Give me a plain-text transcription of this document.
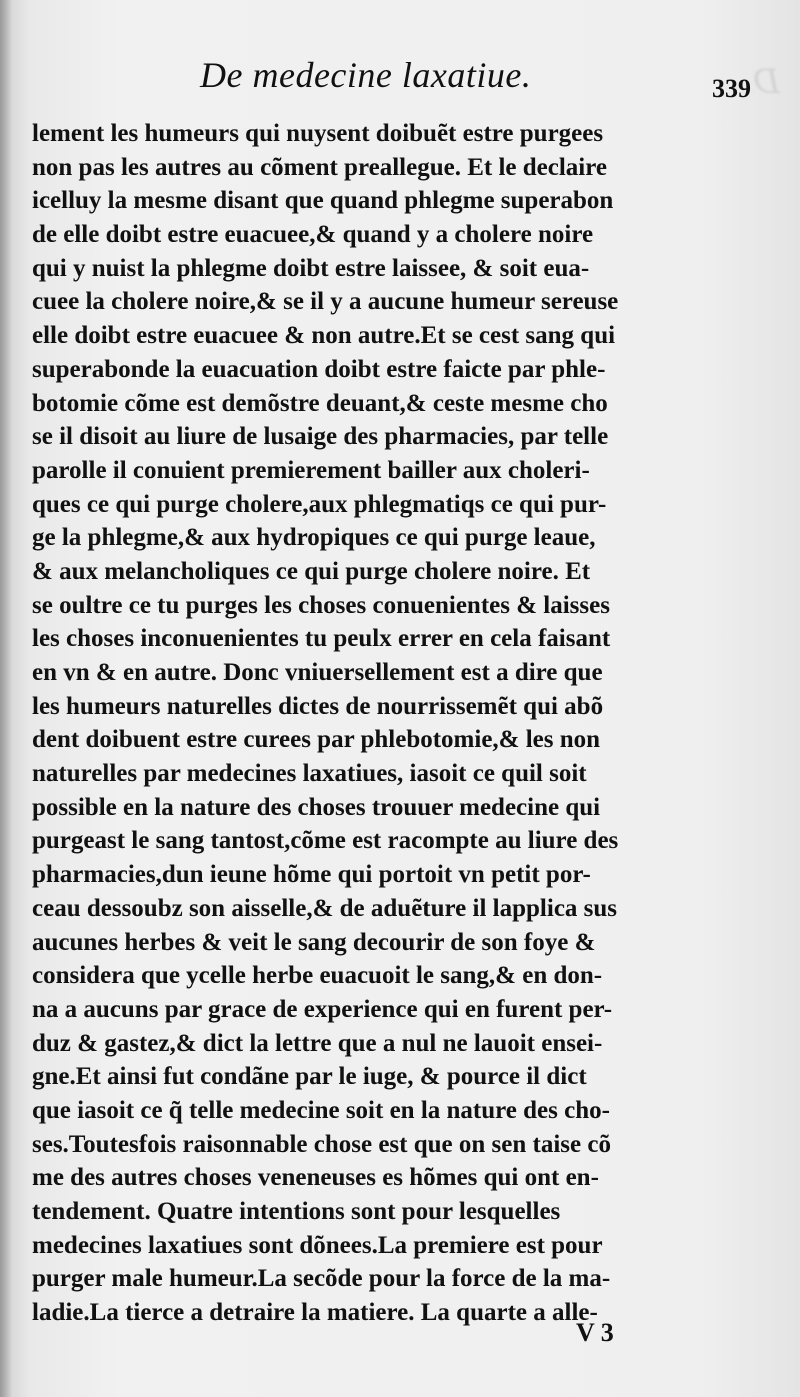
D
De medecine laxatiue.	339
lement les humeurs qui nuysent doibuẽt estre purgees
non pas les autres au cõment preallegue. Et le declaire
icelluy la mesme disant que quand phlegme superabon
de elle doibt estre euacuee,& quand y a cholere noire
qui y nuist la phlegme doibt estre laissee, & soit eua-
cuee la cholere noire,& se il y a aucune humeur sereuse
elle doibt estre euacuee & non autre.Et se cest sang qui
superabonde la euacuation doibt estre faicte par phle-
botomie cõme est demõstre deuant,& ceste mesme cho
se il disoit au liure de lusaige des pharmacies, par telle
parolle il conuient premierement bailler aux choleri-
ques ce qui purge cholere,aux phlegmatiqs ce qui pur-
ge la phlegme,& aux hydropiques ce qui purge leaue,
& aux melancholiques ce qui purge cholere noire. Et
se oultre ce tu purges les choses conuenientes & laisses
les choses inconuenientes tu peulx errer en cela faisant
en vn & en autre. Donc vniuersellement est a dire que
les humeurs naturelles dictes de nourrissemẽt qui abõ
dent doibuent estre curees par phlebotomie,& les non
naturelles par medecines laxatiues, iasoit ce quil soit
possible en la nature des choses trouuer medecine qui
purgeast le sang tantost,cõme est racompte au liure des
pharmacies,dun ieune hõme qui portoit vn petit por-
ceau dessoubz son aisselle,& de aduẽture il lapplica sus
aucunes herbes & veit le sang decourir de son foye &
considera que ycelle herbe euacuoit le sang,& en don-
na a aucuns par grace de experience qui en furent per-
duz & gastez,& dict la lettre que a nul ne lauoit ensei-
gne.Et ainsi fut condãne par le iuge, & pource il dict
que iasoit ce q̃ telle medecine soit en la nature des cho-
ses.Toutesfois raisonnable chose est que on sen taise cõ
me des autres choses veneneuses es hõmes qui ont en-
tendement. Quatre intentions sont pour lesquelles
medecines laxatiues sont dõnees.La premiere est pour
purger male humeur.La secõde pour la force de la ma-
ladie.La tierce a detraire la matiere. La quarte a alle-
V 3
